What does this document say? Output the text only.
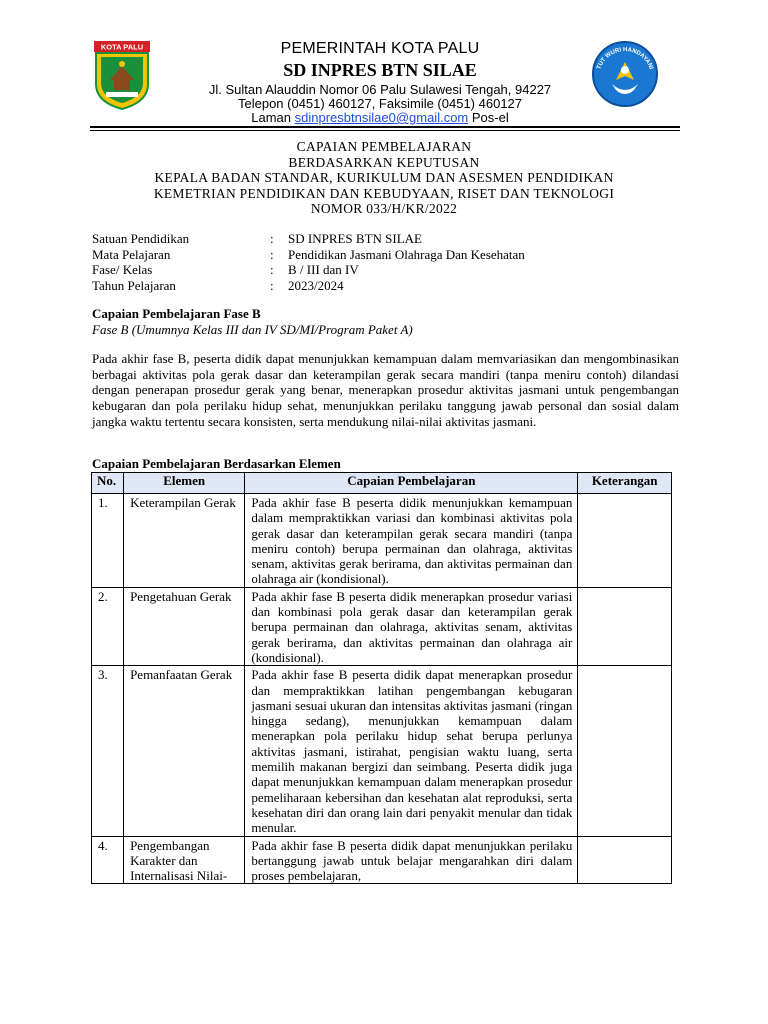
KOTA PALU	PEMERINTAH KOTA PALU
SD INPRES BTN SILAE
Jl. Sultan Alauddin Nomor 06 Palu Sulawesi Tengah, 94227
Telepon (0451) 460127, Faksimile (0451) 460127
Laman sdinpresbtnsilae0@gmail.com Pos-el
TUT WURI HANDAYANI
CAPAIAN PEMBELAJARAN
BERDASARKAN KEPUTUSAN
KEPALA BADAN STANDAR, KURIKULUM DAN ASESMEN PENDIDIKAN
KEMETRIAN PENDIDIKAN DAN KEBUDYAAN, RISET DAN TEKNOLOGI
NOMOR 033/H/KR/2022
Satuan Pendidikan	: SD INPRES BTN SILAE
Mata Pelajaran	: Pendidikan Jasmani Olahraga Dan Kesehatan
Fase/ Kelas	: B / III dan IV
Tahun Pelajaran	: 2023/2024
Capaian Pembelajaran Fase B
Fase B (Umumnya Kelas III dan IV SD/MI/Program Paket A)
Pada akhir fase B, peserta didik dapat menunjukkan kemampuan dalam memvariasikan dan mengombinasikan berbagai aktivitas pola gerak dasar dan keterampilan gerak secara mandiri (tanpa meniru contoh) dilandasi dengan penerapan prosedur gerak yang benar, menerapkan prosedur aktivitas jasmani untuk pengembangan kebugaran dan pola perilaku hidup sehat, menunjukkan perilaku tanggung jawab personal dan sosial dalam jangka waktu tertentu secara konsisten, serta mendukung nilai-nilai aktivitas jasmani.
Capaian Pembelajaran Berdasarkan Elemen
No.	Elemen	Capaian Pembelajaran	Keterangan
1.	Keterampilan Gerak	Pada akhir fase B peserta didik menunjukkan kemampuan dalam mempraktikkan variasi dan kombinasi aktivitas pola gerak dasar dan keterampilan gerak secara mandiri (tanpa meniru contoh) berupa permainan dan olahraga, aktivitas senam, aktivitas gerak berirama, dan aktivitas permainan dan olahraga air (kondisional).	
2.	Pengetahuan Gerak	Pada akhir fase B peserta didik menerapkan prosedur variasi dan kombinasi pola gerak dasar dan keterampilan gerak berupa permainan dan olahraga, aktivitas senam, aktivitas gerak berirama, dan aktivitas permainan dan olahraga air (kondisional).	
3.	Pemanfaatan Gerak	Pada akhir fase B peserta didik dapat menerapkan prosedur dan mempraktikkan latihan pengembangan kebugaran jasmani sesuai ukuran dan intensitas aktivitas jasmani (ringan hingga sedang), menunjukkan kemampuan dalam menerapkan pola perilaku hidup sehat berupa perlunya aktivitas jasmani, istirahat, pengisian waktu luang, serta memilih makanan bergizi dan seimbang. Peserta didik juga dapat menunjukkan kemampuan dalam menerapkan prosedur pemeliharaan kebersihan dan kesehatan alat reproduksi, serta kesehatan diri dan orang lain dari penyakit menular dan tidak menular.	
4.	Pengembangan Karakter dan Internalisasi Nilai-	Pada akhir fase B peserta didik dapat menunjukkan perilaku bertanggung jawab untuk belajar mengarahkan diri dalam proses pembelajaran,	
